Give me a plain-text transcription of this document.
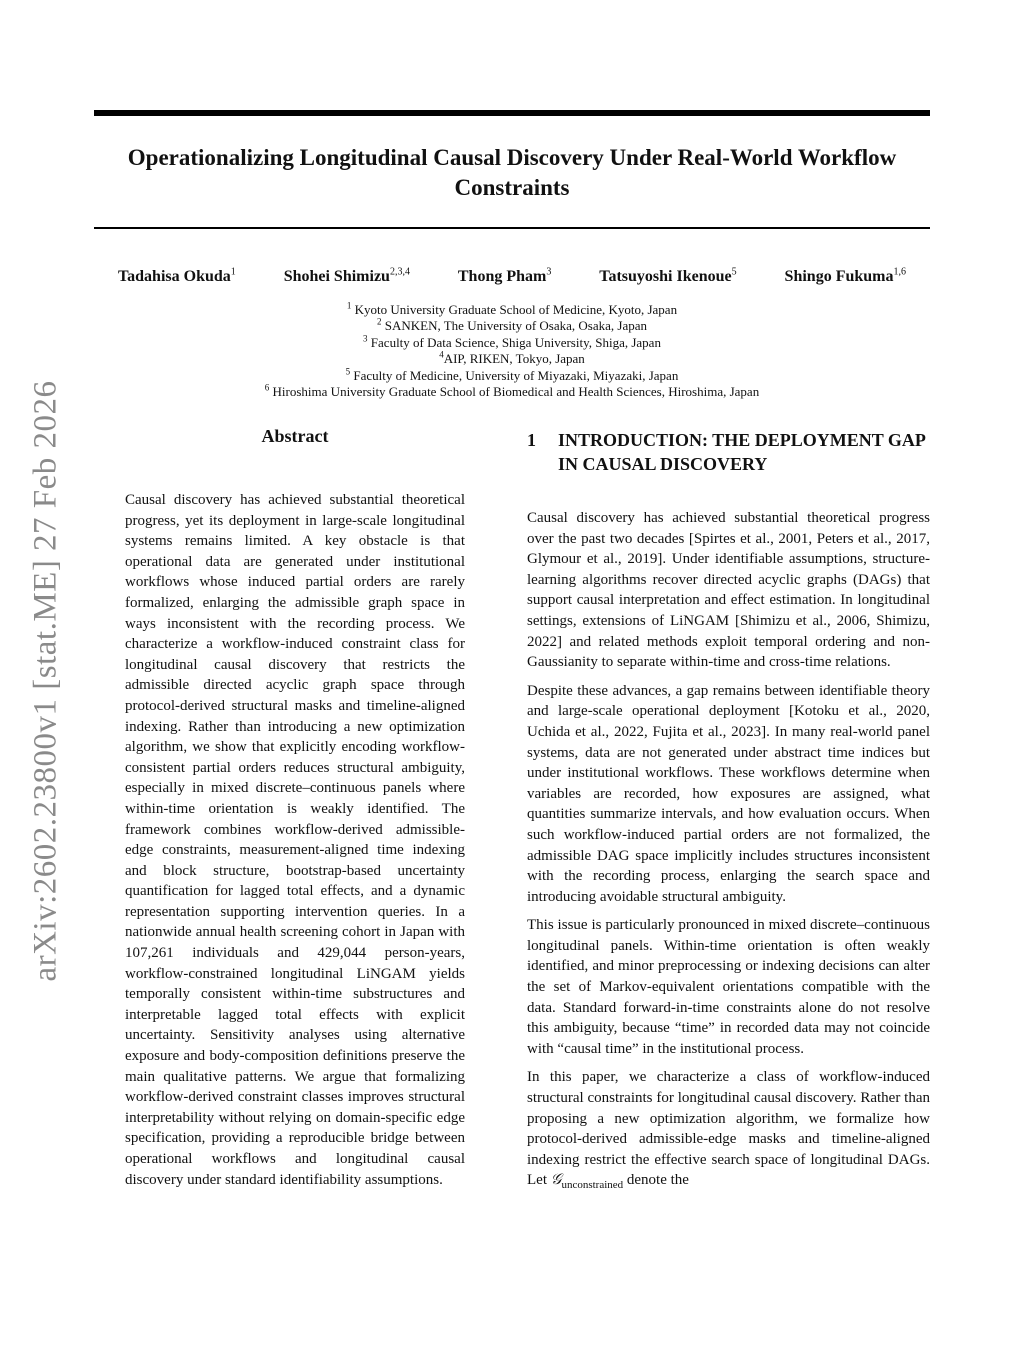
arXiv:2602.23800v1 [stat.ME] 27 Feb 2026
Operationalizing Longitudinal Causal Discovery Under Real-World Workflow Constraints
Tadahisa Okuda$^1$	Shohei Shimizu$^{2,3,4}$	Thong Pham$^3$	Tatsuyoshi Ikenoue$^5$	Shingo Fukuma$^{1,6}$
$^1$ Kyoto University Graduate School of Medicine, Kyoto, Japan
$^2$ SANKEN, The University of Osaka, Osaka, Japan
$^3$ Faculty of Data Science, Shiga University, Shiga, Japan
$^4$AIP, RIKEN, Tokyo, Japan
$^5$ Faculty of Medicine, University of Miyazaki, Miyazaki, Japan
$^6$ Hiroshima University Graduate School of Biomedical and Health Sciences, Hiroshima, Japan
Abstract

Causal discovery has achieved substantial theoretical progress, yet its deployment in large-scale longitudinal systems remains limited. A key obstacle is that operational data are generated under institutional workflows whose induced partial orders are rarely formalized, enlarging the admissible graph space in ways inconsistent with the recording process. We characterize a workflow-induced constraint class for longitudinal causal discovery that restricts the admissible directed acyclic graph space through protocol-derived structural masks and timeline-aligned indexing. Rather than introducing a new optimization algorithm, we show that explicitly encoding workflow-consistent partial orders reduces structural ambiguity, especially in mixed discrete–continuous panels where within-time orientation is weakly identified. The framework combines workflow-derived admissible-edge constraints, measurement-aligned time indexing and block structure, bootstrap-based uncertainty quantification for lagged total effects, and a dynamic representation supporting intervention queries. In a nationwide annual health screening cohort in Japan with 107,261 individuals and 429,044 person-years, workflow-constrained longitudinal LiNGAM yields temporally consistent within-time substructures and interpretable lagged total effects with explicit uncertainty. Sensitivity analyses using alternative exposure and body-composition definitions preserve the main qualitative patterns. We argue that formalizing workflow-derived constraint classes improves structural interpretability without relying on domain-specific edge specification, providing a reproducible bridge between operational workflows and longitudinal causal discovery under standard identifiability assumptions.

1	INTRODUCTION: THE DEPLOYMENT GAP IN CAUSAL DISCOVERY

Causal discovery has achieved substantial theoretical progress over the past two decades [Spirtes et al., 2001, Peters et al., 2017, Glymour et al., 2019]. Under identifiable assumptions, structure-learning algorithms recover directed acyclic graphs (DAGs) that support causal interpretation and effect estimation. In longitudinal settings, extensions of LiNGAM [Shimizu et al., 2006, Shimizu, 2022] and related methods exploit temporal ordering and non-Gaussianity to separate within-time and cross-time relations.

Despite these advances, a gap remains between identifiable theory and large-scale operational deployment [Kotoku et al., 2020, Uchida et al., 2022, Fujita et al., 2023]. In many real-world panel systems, data are not generated under abstract time indices but under institutional workflows. These workflows determine when variables are recorded, how exposures are assigned, what quantities summarize intervals, and how evaluation occurs. When such workflow-induced partial orders are not formalized, the admissible DAG space implicitly includes structures inconsistent with the recording process, enlarging the search space and introducing avoidable structural ambiguity.

This issue is particularly pronounced in mixed discrete–continuous longitudinal panels. Within-time orientation is often weakly identified, and minor preprocessing or indexing decisions can alter the set of Markov-equivalent orientations compatible with the data. Standard forward-in-time constraints alone do not resolve this ambiguity, because “time” in recorded data may not coincide with “causal time” in the institutional process.

In this paper, we characterize a class of workflow-induced structural constraints for longitudinal causal discovery. Rather than proposing a new optimization algorithm, we formalize how protocol-derived admissible-edge masks and timeline-aligned indexing restrict the effective search space of longitudinal DAGs. Let 𝒢$_{unconstrained}$ denote the
